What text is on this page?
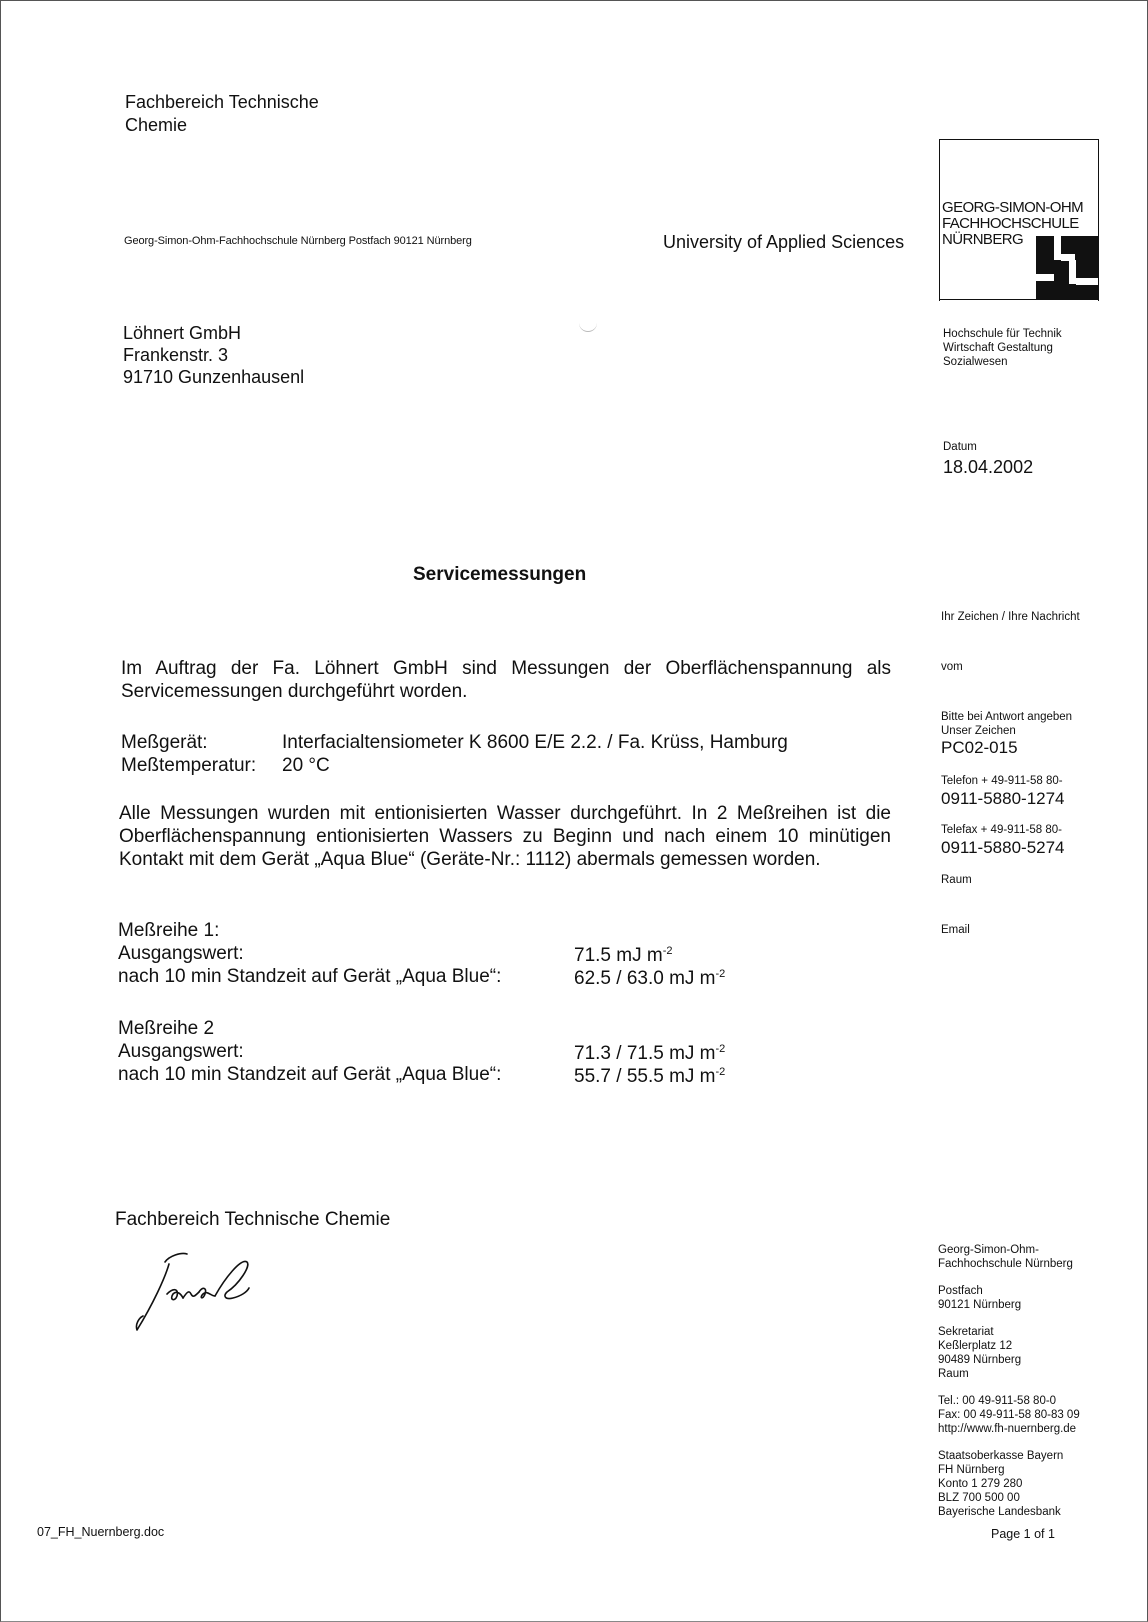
Fachbereich Technische
Chemie
Georg-Simon-Ohm-Fachhochschule Nürnberg Postfach 90121 Nürnberg	University of Applied Sciences
GEORG-SIMON-OHM
FACHHOCHSCHULE
NÜRNBERG
Hochschule für Technik
Wirtschaft Gestaltung
Sozialwesen
Löhnert GmbH
Frankenstr. 3
91710 Gunzenhausenl
Datum
18.04.2002
Servicemessungen
Ihr Zeichen / Ihre Nachricht
vom
Bitte bei Antwort angeben
Unser Zeichen
PC02-015
Telefon + 49-911-58 80-
0911-5880-1274
Telefax + 49-911-58 80-
0911-5880-5274
Raum
Email
Im Auftrag der Fa. Löhnert GmbH sind Messungen der Oberflächenspannung als Servicemessungen durchgeführt worden.
Meßgerät:	Interfacialtensiometer K 8600 E/E 2.2. / Fa. Krüss, Hamburg
Meßtemperatur: 20 °C
Alle Messungen wurden mit entionisierten Wasser durchgeführt. In 2 Meßreihen ist die Oberflächenspannung entionisierten Wassers zu Beginn und nach einem 10 minütigen Kontakt mit dem Gerät „Aqua Blue“ (Geräte-Nr.: 1112) abermals gemessen worden.
Meßreihe 1:
Ausgangswert:	71.5 mJ $m^{-2}$
nach 10 min Standzeit auf Gerät „Aqua Blue“:	62.5 / 63.0 mJ $m^{-2}$
Meßreihe 2
Ausgangswert:	71.3 / 71.5 mJ $m^{-2}$
nach 10 min Standzeit auf Gerät „Aqua Blue“:	55.7 / 55.5 mJ $m^{-2}$
Fachbereich Technische Chemie
Georg-Simon-Ohm-
Fachhochschule Nürnberg
Postfach
90121 Nürnberg
Sekretariat
Keßlerplatz 12
90489 Nürnberg
Raum
Tel.: 00 49-911-58 80-0
Fax: 00 49-911-58 80-83 09
http://www.fh-nuernberg.de
Staatsoberkasse Bayern
FH Nürnberg
Konto 1 279 280
BLZ 700 500 00
Bayerische Landesbank
07_FH_Nuernberg.doc	Page 1 of 1
